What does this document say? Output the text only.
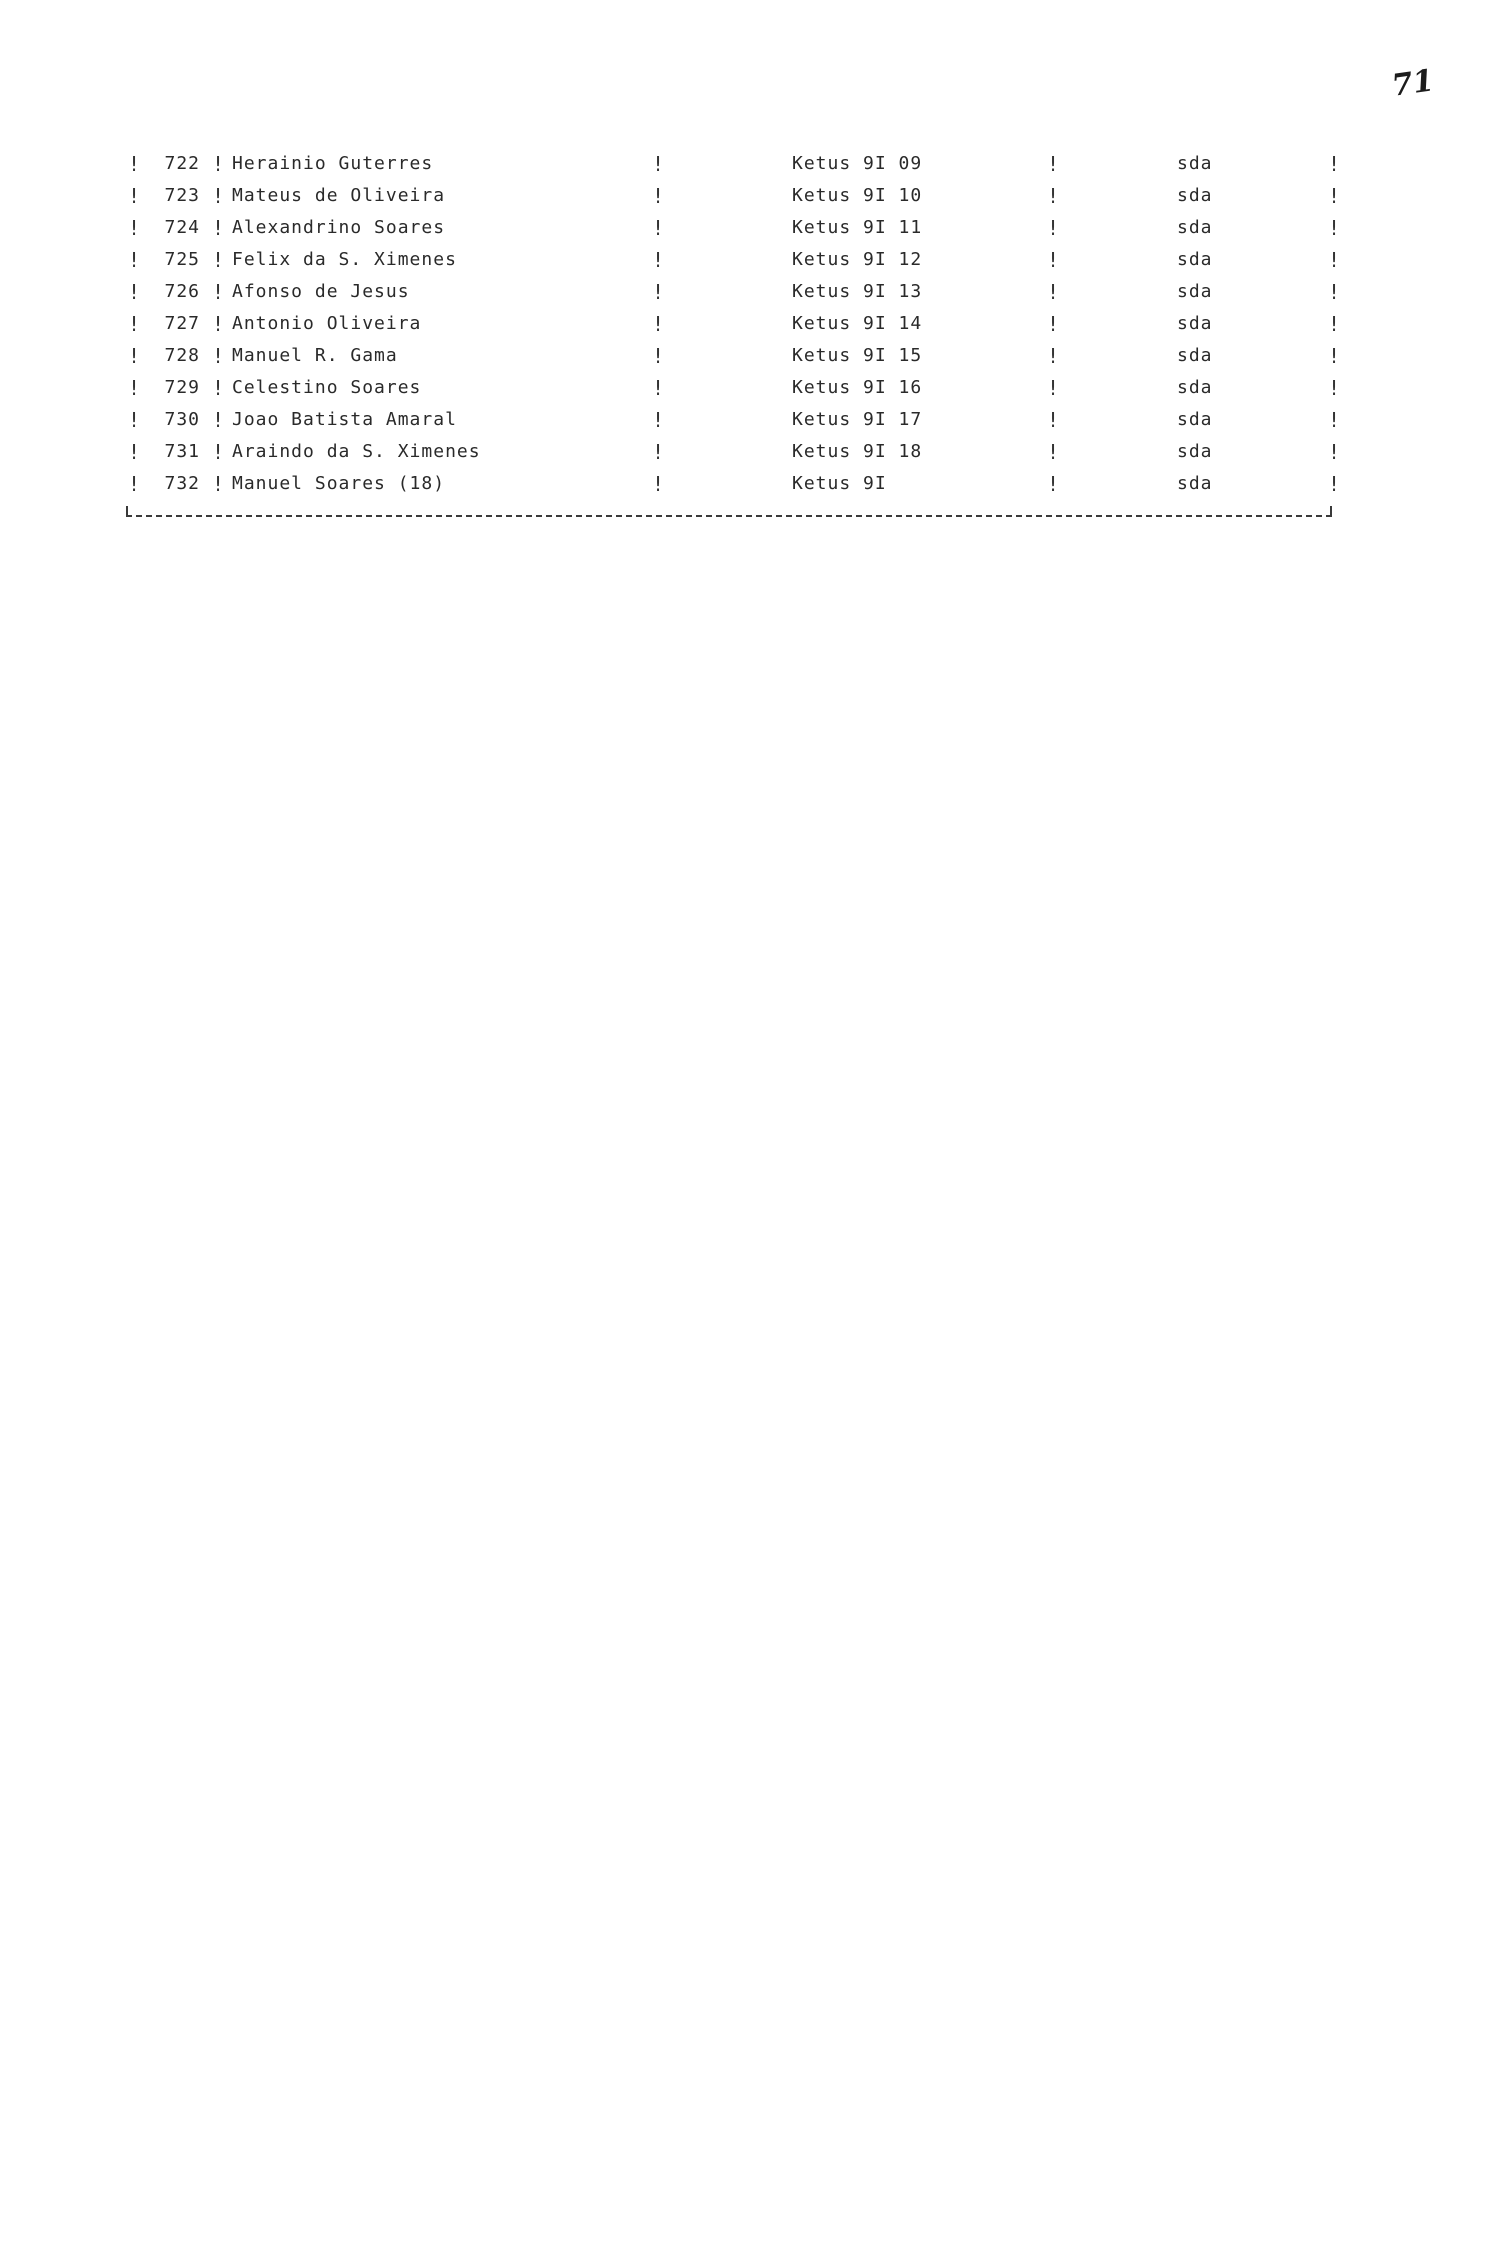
71
!	722 ! Herainio Guterres	!	Ketus 9I 09	!	sda	!
!	723 ! Mateus de Oliveira	!	Ketus 9I 10	!	sda	!
!	724 ! Alexandrino Soares	!	Ketus 9I 11	!	sda	!
!	725 ! Felix da S. Ximenes	!	Ketus 9I 12	!	sda	!
!	726 ! Afonso de Jesus	!	Ketus 9I 13	!	sda	!
!	727 ! Antonio Oliveira	!	Ketus 9I 14	!	sda	!
!	728 ! Manuel R. Gama	!	Ketus 9I 15	!	sda	!
!	729 ! Celestino Soares	!	Ketus 9I 16	!	sda	!
!	730 ! Joao Batista Amaral	!	Ketus 9I 17	!	sda	!
!	731 ! Araindo da S. Ximenes	!	Ketus 9I 18	!	sda	!
!	732 ! Manuel Soares (18)	!	Ketus 9I	!	sda	!
